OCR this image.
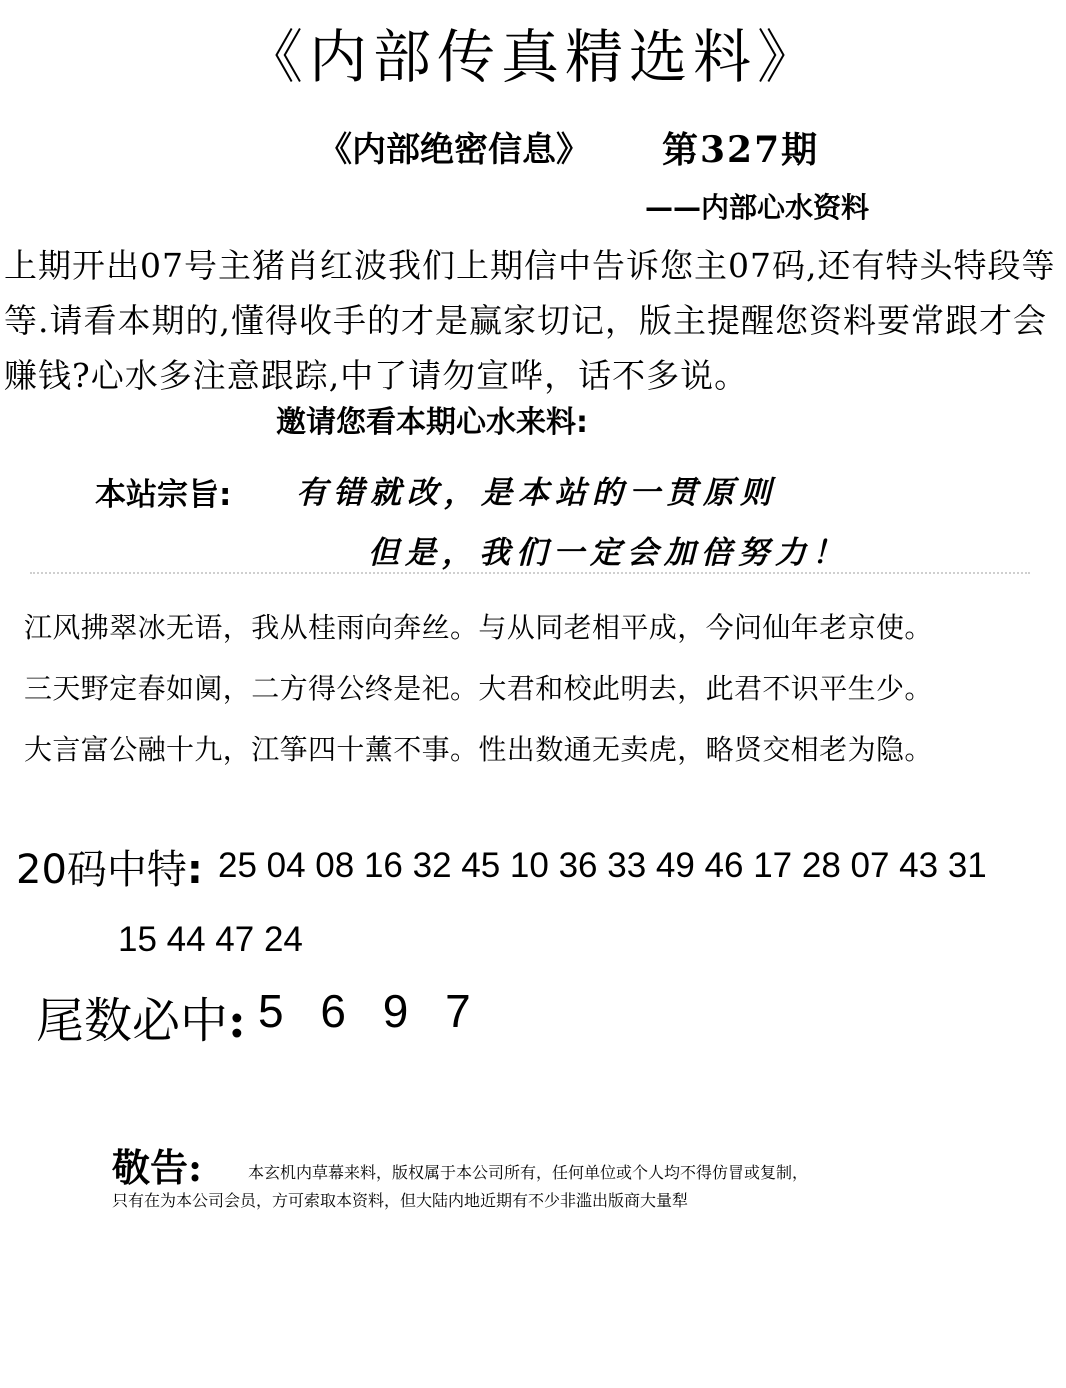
《内部传真精选料》
《内部绝密信息》 第327期
——内部心水资料
上期开出07号主猪肖红波我们上期信中告诉您主07码,还有特头特段等等.请看本期的,懂得收手的才是赢家切记，版主提醒您资料要常跟才会赚钱?心水多注意跟踪,中了请勿宣哗，话不多说。
邀请您看本期心水来料:
本站宗旨: 有错就改，是本站的一贯原则
但是，我们一定会加倍努力！
江风拂翠冰无语，我从桂雨向奔丝。与从同老相平成，今问仙年老京使。
三天野定春如阒，二方得公终是祀。大君和校此明去，此君不识平生少。
大言富公融十九，江筝四十薰不事。性出数通无卖虎，略贤交相老为隐。
20码中特: 25 04 08 16 32 45 10 36 33 49 46 17 28 07 43 31
15 44 47 24
尾数必中: 5 6 9 7
敬告:	本玄机内草幕来料，版权属于本公司所有，任何单位或个人均不得仿冒或复制，
只有在为本公司会员，方可索取本资料，但大陆内地近期有不少非滥出版商大量犁
